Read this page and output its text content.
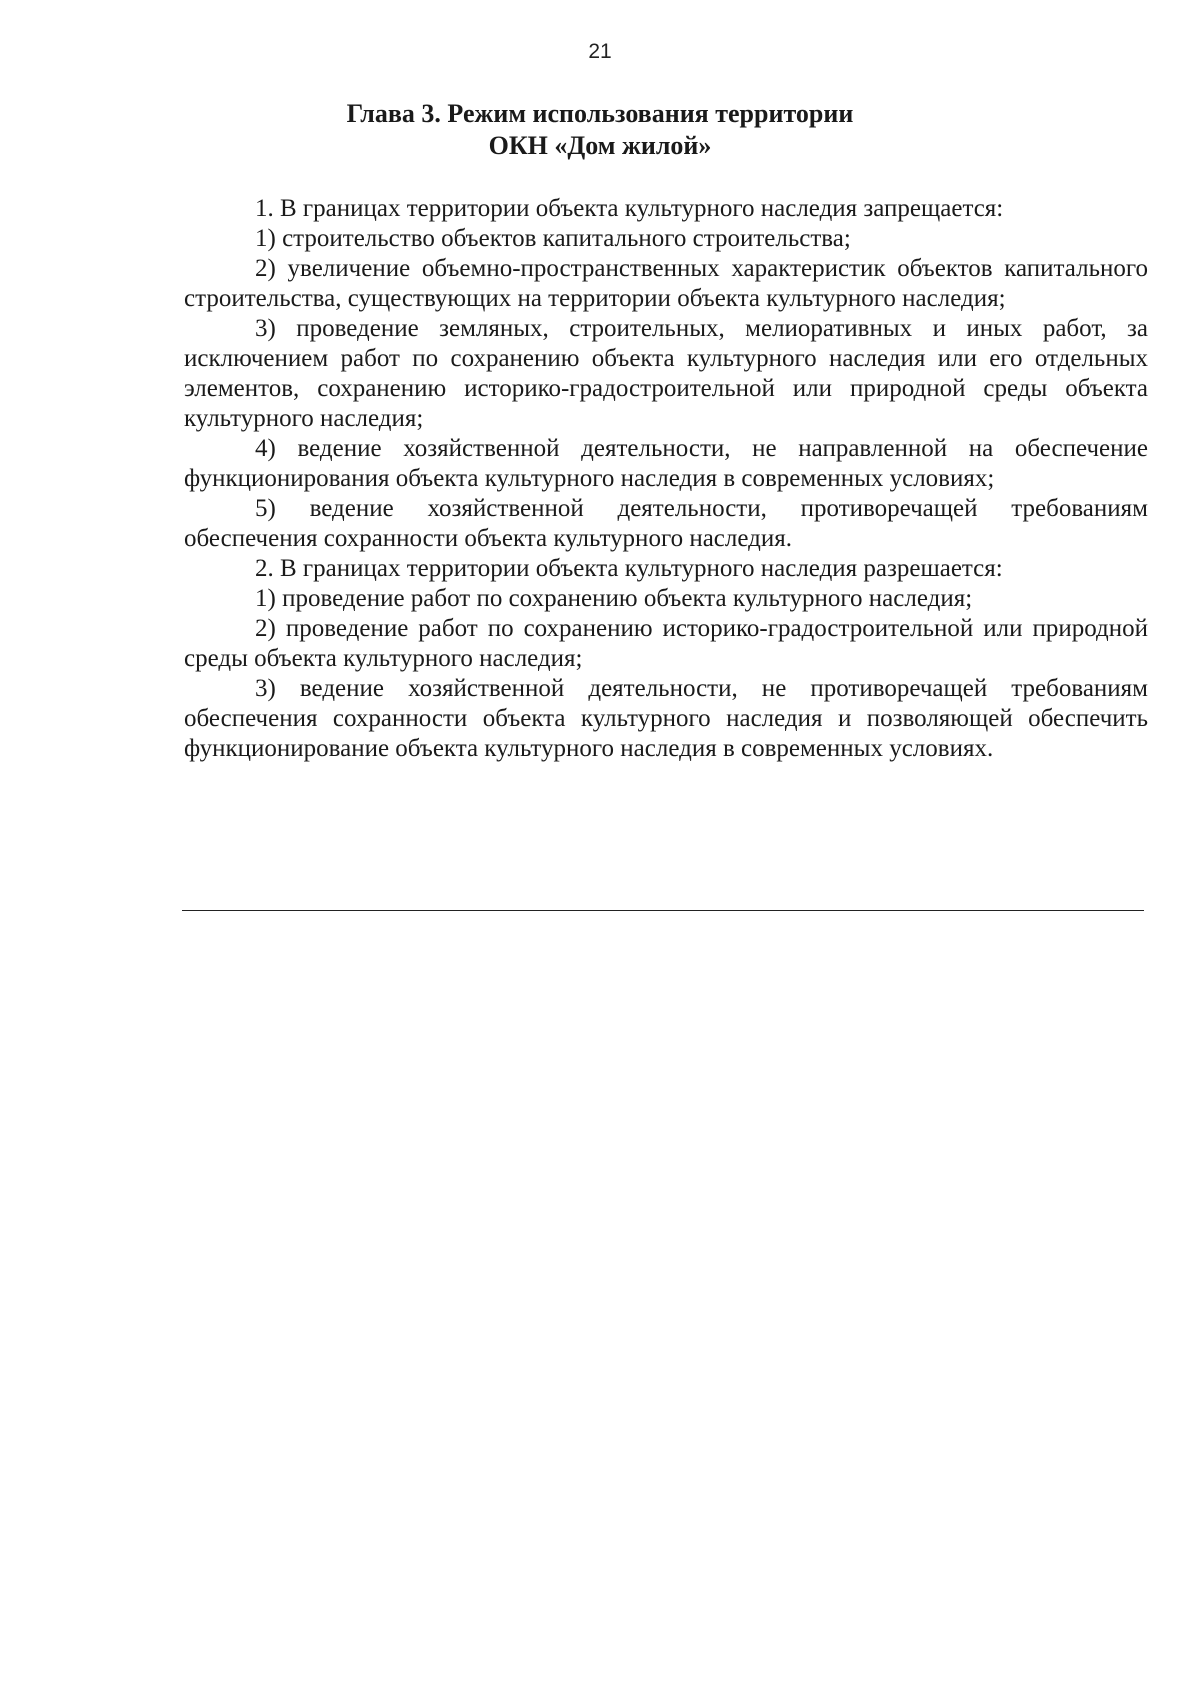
21
Глава 3. Режим использования территории
ОКН «Дом жилой»

1. В границах территории объекта культурного наследия запрещается:

1) строительство объектов капитального строительства;

2) увеличение объемно-пространственных характеристик объектов капитального строительства, существующих на территории объекта культурного наследия;

3) проведение земляных, строительных, мелиоративных и иных работ, за исключением работ по сохранению объекта культурного наследия или его отдельных элементов, сохранению историко-градостроительной или природной среды объекта культурного наследия;

4) ведение хозяйственной деятельности, не направленной на обеспечение функционирования объекта культурного наследия в современных условиях;

5) ведение хозяйственной деятельности, противоречащей требованиям обеспечения сохранности объекта культурного наследия.

2. В границах территории объекта культурного наследия разрешается:

1) проведение работ по сохранению объекта культурного наследия;

2) проведение работ по сохранению историко-градостроительной или природной среды объекта культурного наследия;

3) ведение хозяйственной деятельности, не противоречащей требованиям обеспечения сохранности объекта культурного наследия и позволяющей обеспечить функционирование объекта культурного наследия в современных условиях.
